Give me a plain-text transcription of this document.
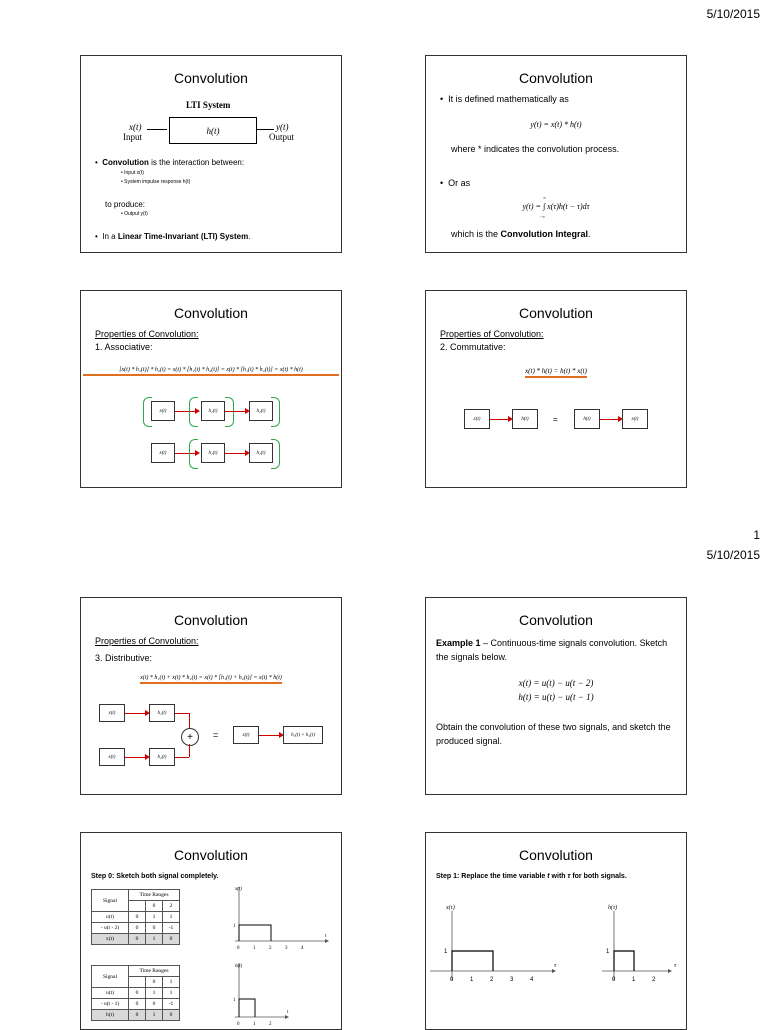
5/10/2015
1
5/10/2015
Convolution
LTI System
x(t)
Input
h(t)	y(t)
Output
•  Convolution is the interaction between:
• Input x(t)
• System impulse response h(t)
to produce:
• Output y(t)
•  In a Linear Time-Invariant (LTI) System.
Convolution
•  It is defined mathematically as
y(t) = x(t) * h(t)
where * indicates the convolution process.
•  Or as
∞
y(t) = ∫ x(τ)h(t − τ)dτ
−∞
which is the Convolution Integral.
Convolution
Properties of Convolution:
1. Associative:
[x(t) * h₁(t)] * h₂(t) = x(t) * [h₁(t) * h₂(t)] = x(t) * [h₁(t) * h₂(t)] = x(t) * h(t)
x(t)	h₁(t)	h₂(t)
x(t)	h₁(t)	h₂(t)
Convolution
Properties of Convolution:
2. Commutative:
x(t) * h(t) = h(t) * x(t)
x(t)	h(t)	=	h(t)	x(t)
Convolution
Properties of Convolution:
3. Distributive:
x(t) * h₁(t) + x(t) * h₂(t) = x(t) * [h₁(t) + h₂(t)] = x(t) * h(t)
x(t)	h₁(t)
+
x(t)	h₂(t)
=	x(t)	h₁(t) + h₂(t)
Convolution
Example 1 – Continuous-time signals convolution. Sketch the signals below.
x(t) = u(t) − u(t − 2)
h(t) = u(t) − u(t − 1)
Obtain the convolution of these two signals, and sketch the produced signal.
Convolution
Step 0: Sketch both signal completely.
Signal	Time Ranges		
		0	2
u(t)	0	1	1
- u(t - 2)	0	0	-1
x(t)	0	1	0
Signal	Time Ranges		
		0	1
u(t)	0	1	1
- u(t - 1)	0	0	-1
h(t)	0	1	0
x(t)
1
0	1	2	3	4
t
h(t)
1
0	1	2
t
Convolution
Step 1: Replace the time variable t with τ for both signals.
x(τ)
1
0	1	2	3	4
τ
h(τ)
1
0	1	2
τ
